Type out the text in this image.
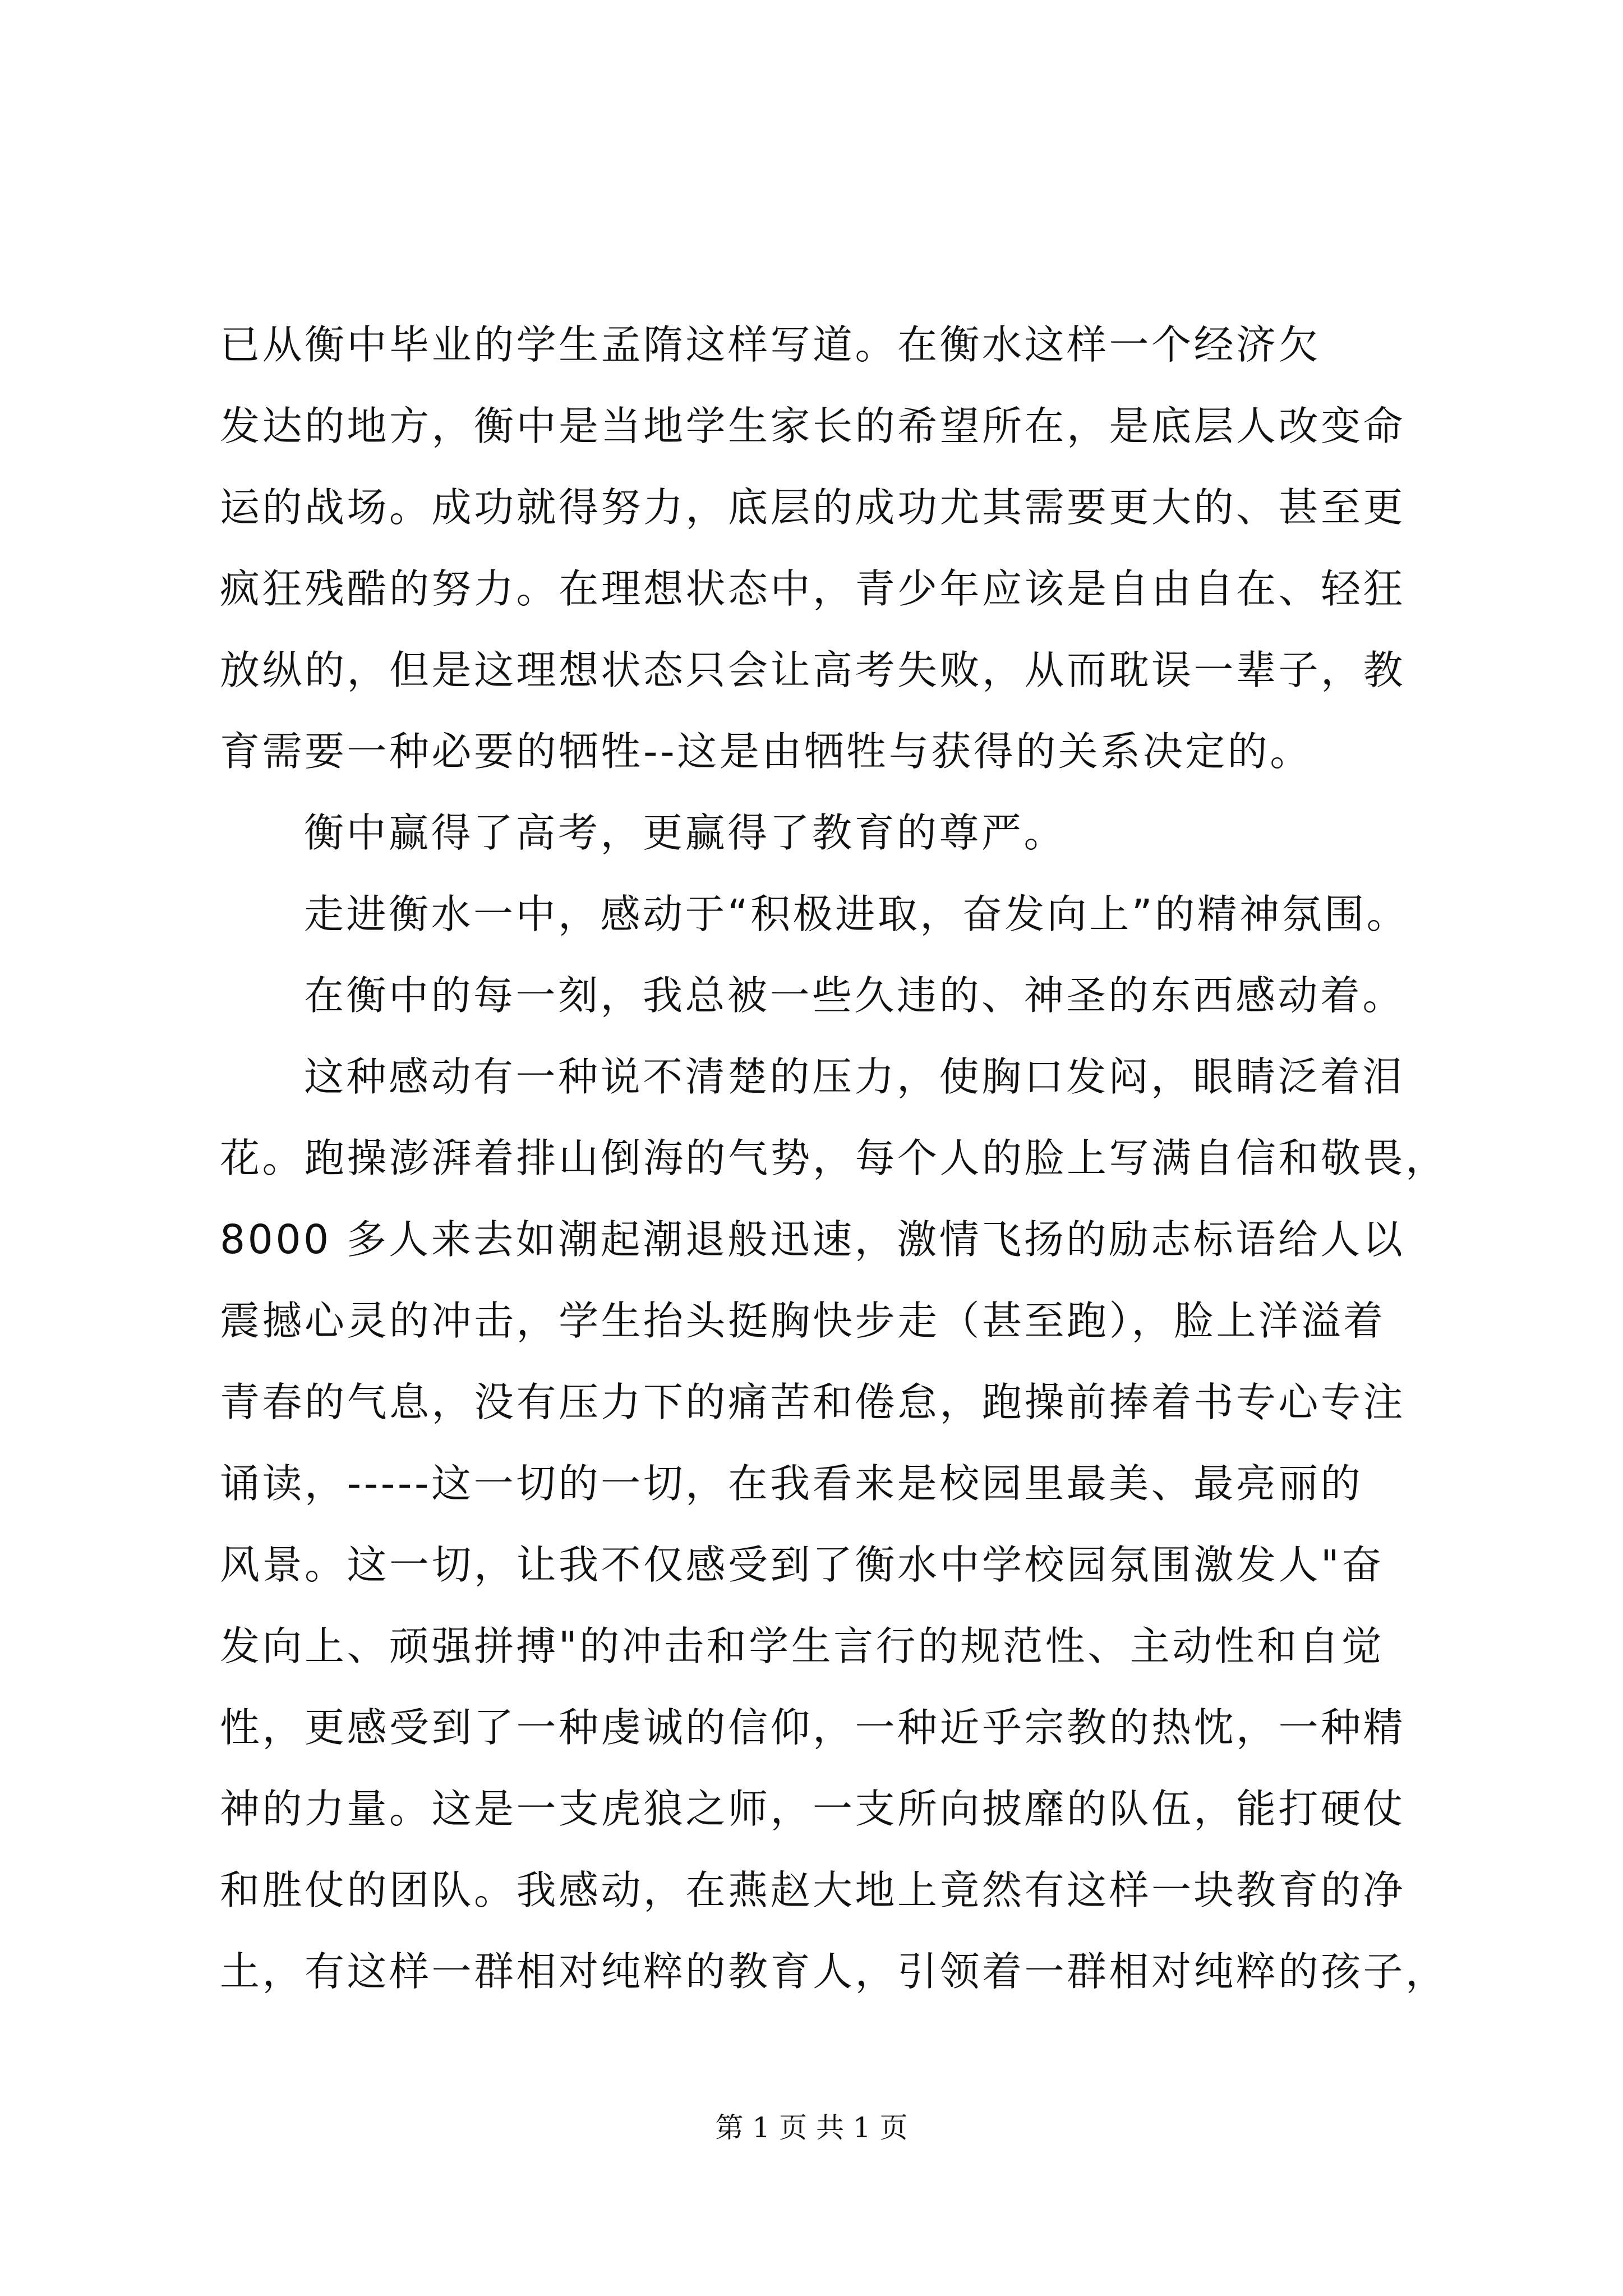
已从衡中毕业的学生孟隋这样写道。在衡水这样一个经济欠
发达的地方，衡中是当地学生家长的希望所在，是底层人改变命
运的战场。成功就得努力，底层的成功尤其需要更大的、甚至更
疯狂残酷的努力。在理想状态中，青少年应该是自由自在、轻狂
放纵的，但是这理想状态只会让高考失败，从而耽误一辈子，教
育需要一种必要的牺牲--这是由牺牲与获得的关系决定的。
衡中赢得了高考，更赢得了教育的尊严。
走进衡水一中，感动于“积极进取，奋发向上”的精神氛围。
在衡中的每一刻，我总被一些久违的、神圣的东西感动着。
这种感动有一种说不清楚的压力，使胸口发闷，眼睛泛着泪
花。跑操澎湃着排山倒海的气势，每个人的脸上写满自信和敬畏，
8000 多人来去如潮起潮退般迅速，激情飞扬的励志标语给人以
震撼心灵的冲击，学生抬头挺胸快步走（甚至跑），脸上洋溢着
青春的气息，没有压力下的痛苦和倦怠，跑操前捧着书专心专注
诵读，-----这一切的一切，在我看来是校园里最美、最亮丽的
风景。这一切，让我不仅感受到了衡水中学校园氛围激发人"奋
发向上、顽强拼搏"的冲击和学生言行的规范性、主动性和自觉
性，更感受到了一种虔诚的信仰，一种近乎宗教的热忱，一种精
神的力量。这是一支虎狼之师，一支所向披靡的队伍，能打硬仗
和胜仗的团队。我感动，在燕赵大地上竟然有这样一块教育的净
土，有这样一群相对纯粹的教育人，引领着一群相对纯粹的孩子，
第 1 页 共 1 页
